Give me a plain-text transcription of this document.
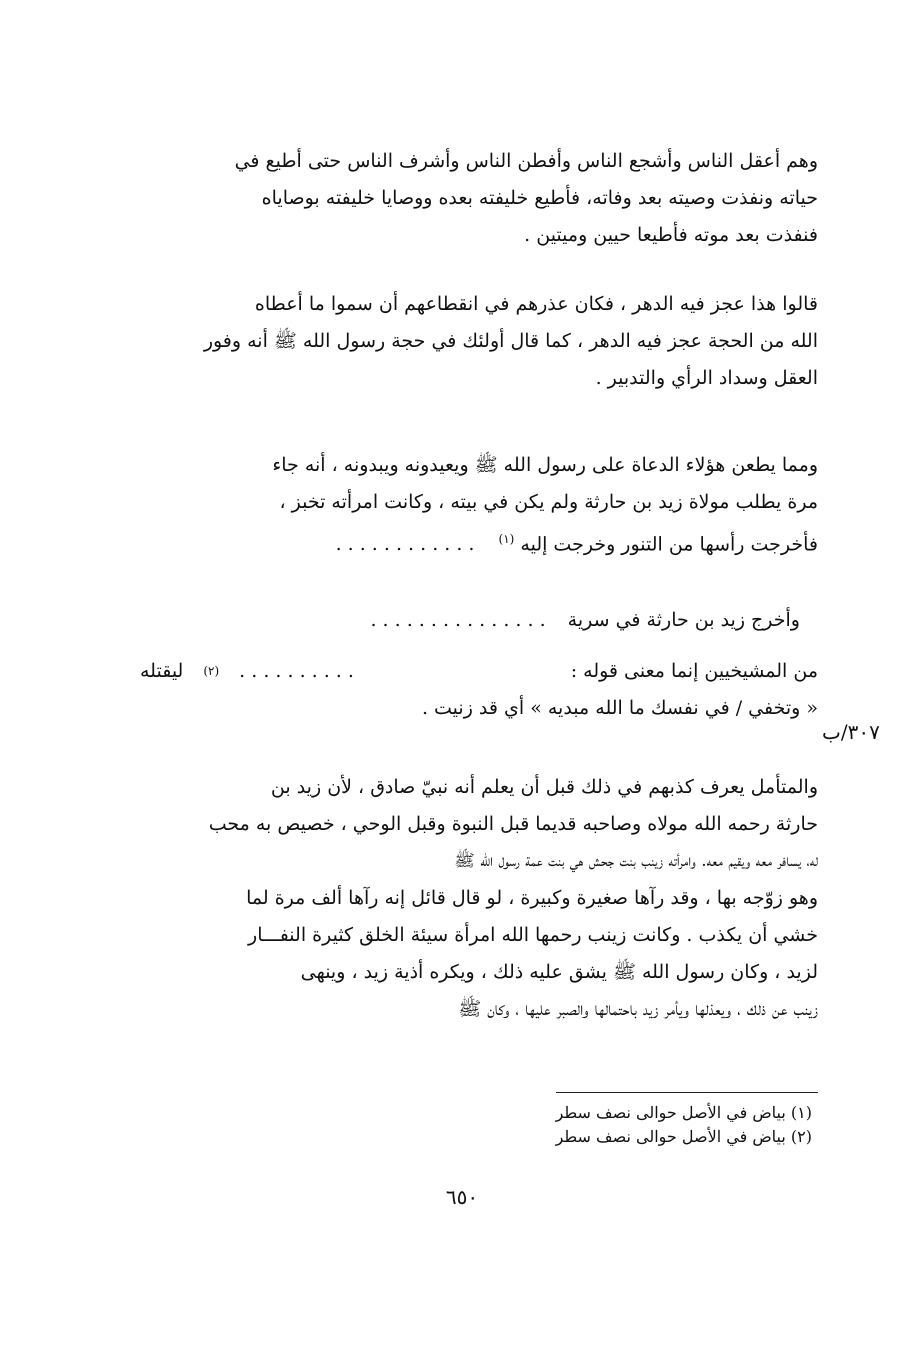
وهم أعقل الناس وأشجع الناس وأفطن الناس وأشرف الناس حتى أطيع في
حياته ونفذت وصيته بعد وفاته، فأطيع خليفته بعده ووصايا خليفته بوصاياه
فنفذت بعد موته فأطيعا حيين وميتين .
قالوا هذا عجز فيه الدهر ، فكان عذرهم في انقطاعهم أن سموا ما أعطاه
الله من الحجة عجز فيه الدهر ، كما قال أولئك في حجة رسول الله ﷺ أنه وفور
العقل وسداد الرأي والتدبير .
ومما يطعن هؤلاء الدعاة على رسول الله ﷺ ويعيدونه ويبدونه ، أنه جاء
مرة يطلب مولاة زيد بن حارثة ولم يكن في بيته ، وكانت امرأته تخبز ،
فأخرجت رأسها من التنور وخرجت إليه $^{(١)}$ . . . . . . . . . . . .
وأخرج زيد بن حارثة في سرية . . . . . . . . . . . . . . .
من المشيخيين إنما معنى قوله :
ليقتله (٢) . . . . . . . . . .
« وتخفي / في نفسك ما الله مبديه » أي قد زنيت .
٣٠٧/ب
والمتأمل يعرف كذبهم في ذلك قبل أن يعلم أنه نبيّ صادق ، لأن زيد بن
حارثة رحمه الله مولاه وصاحبه قديما قبل النبوة وقبل الوحي ، خصيص به محب
له، يسافر معه ويقيم معه. وامرأته زينب بنت جحش هي بنت عمة رسول الله ﷺ
وهو زوّجه بها ، وقد رآها صغيرة وكبيرة ، لو قال قائل إنه رآها ألف مرة لما
خشي أن يكذب . وكانت زينب رحمها الله امرأة سيئة الخلق كثيرة النفـــار
لزيد ، وكان رسول الله ﷺ يشق عليه ذلك ، ويكره أذية زيد ، وينهى
زينب عن ذلك ، ويعذلها ويأمر زيد باحتمالها والصبر عليها ، وكان ﷺ
(١) بياض في الأصل حوالى نصف سطر
(٢) بياض في الأصل حوالى نصف سطر
٦٥٠
